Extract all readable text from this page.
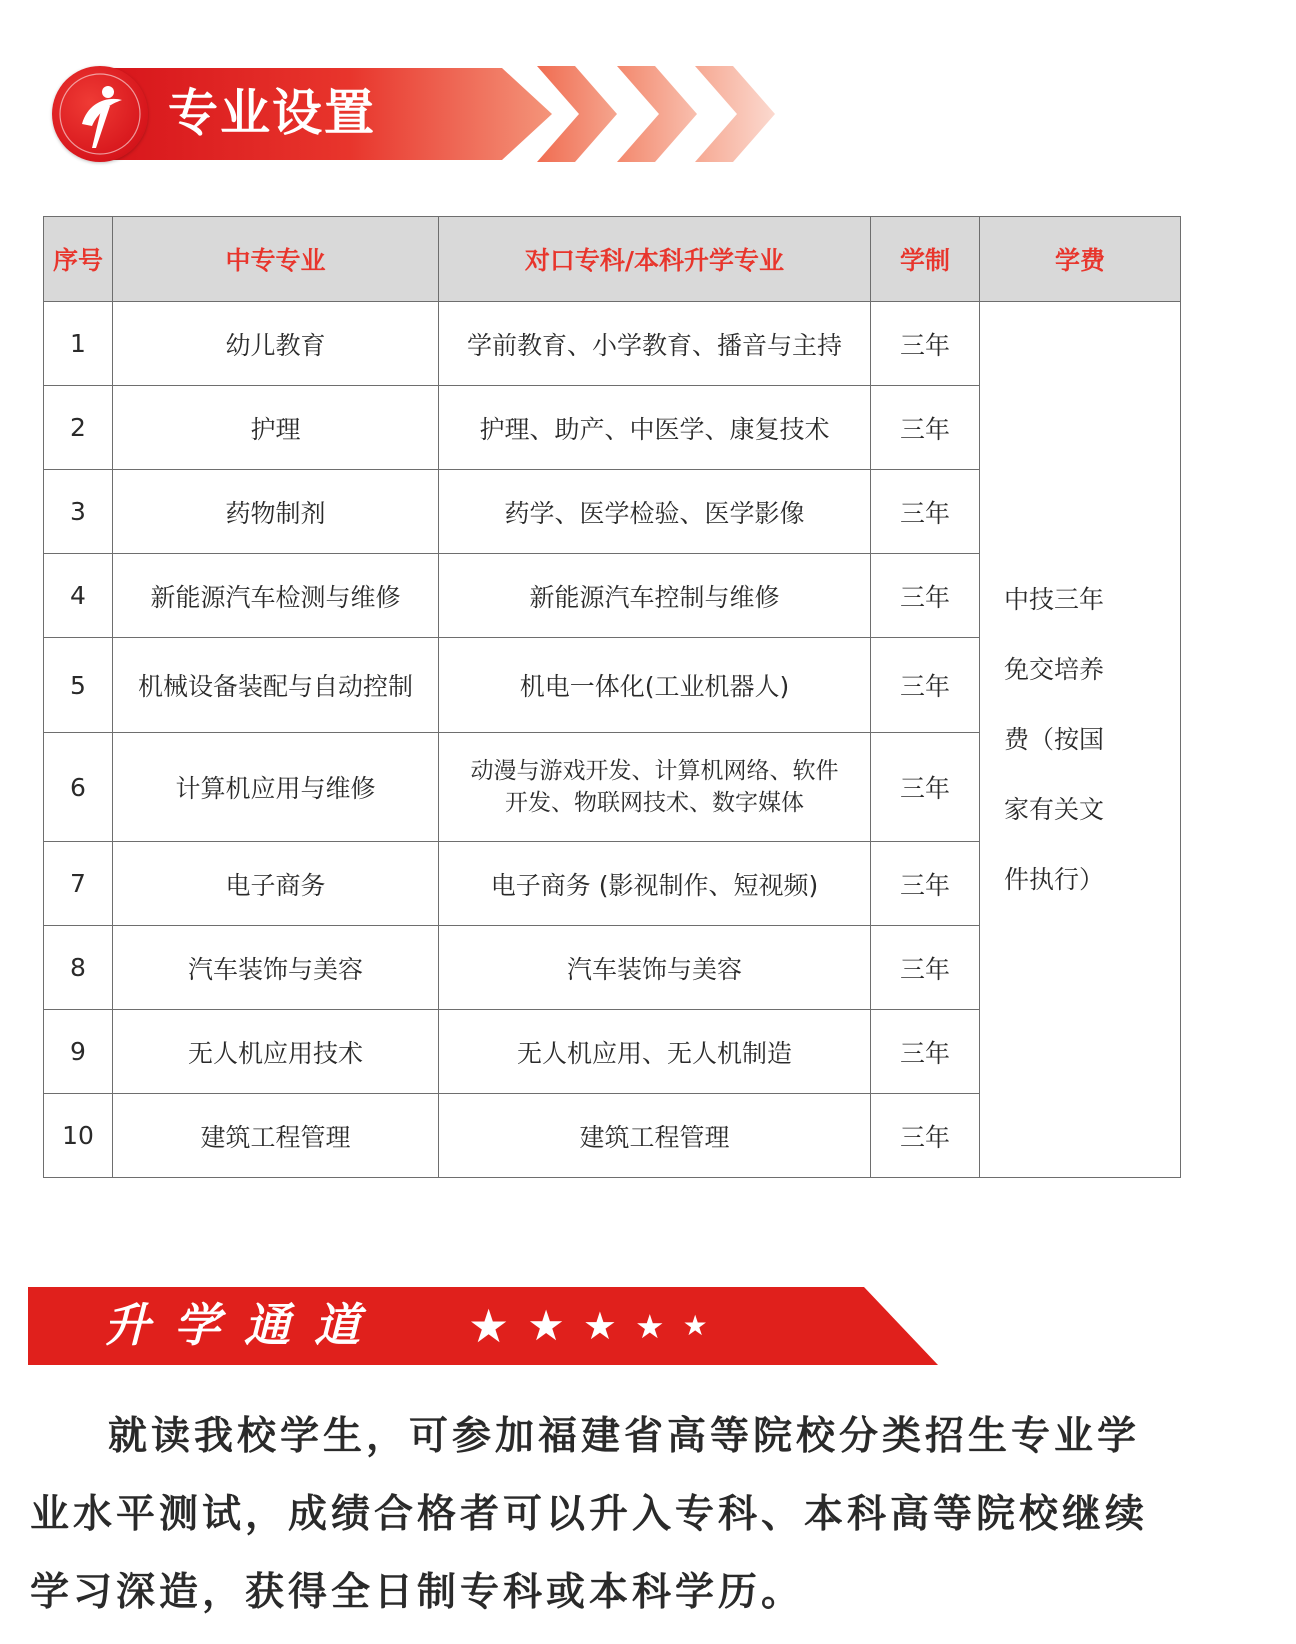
专业设置
序号	中专专业	对口专科/本科升学专业	学制	学费
1	幼儿教育	学前教育、小学教育、播音与主持	三年	中技三年
免交培养
费（按国
家有关文
件执行）

2	护理	护理、助产、中医学、康复技术	三年	
3	药物制剂	药学、医学检验、医学影像	三年	
4	新能源汽车检测与维修	新能源汽车控制与维修	三年	
5	机械设备装配与自动控制	机电一体化(工业机器人)	三年	
6	计算机应用与维修	动漫与游戏开发、计算机网络、软件
开发、物联网技术、数字媒体	三年	
7	电子商务	电子商务 (影视制作、短视频)	三年	
8	汽车装饰与美容	汽车装饰与美容	三年	
9	无人机应用技术	无人机应用、无人机制造	三年	
10	建筑工程管理	建筑工程管理	三年	
升学通道 ★ ★ ★ ★ ★

就读我校学生，可参加福建省高等院校分类招生专业学业水平测试，成绩合格者可以升入专科、本科高等院校继续学习深造，获得全日制专科或本科学历。
